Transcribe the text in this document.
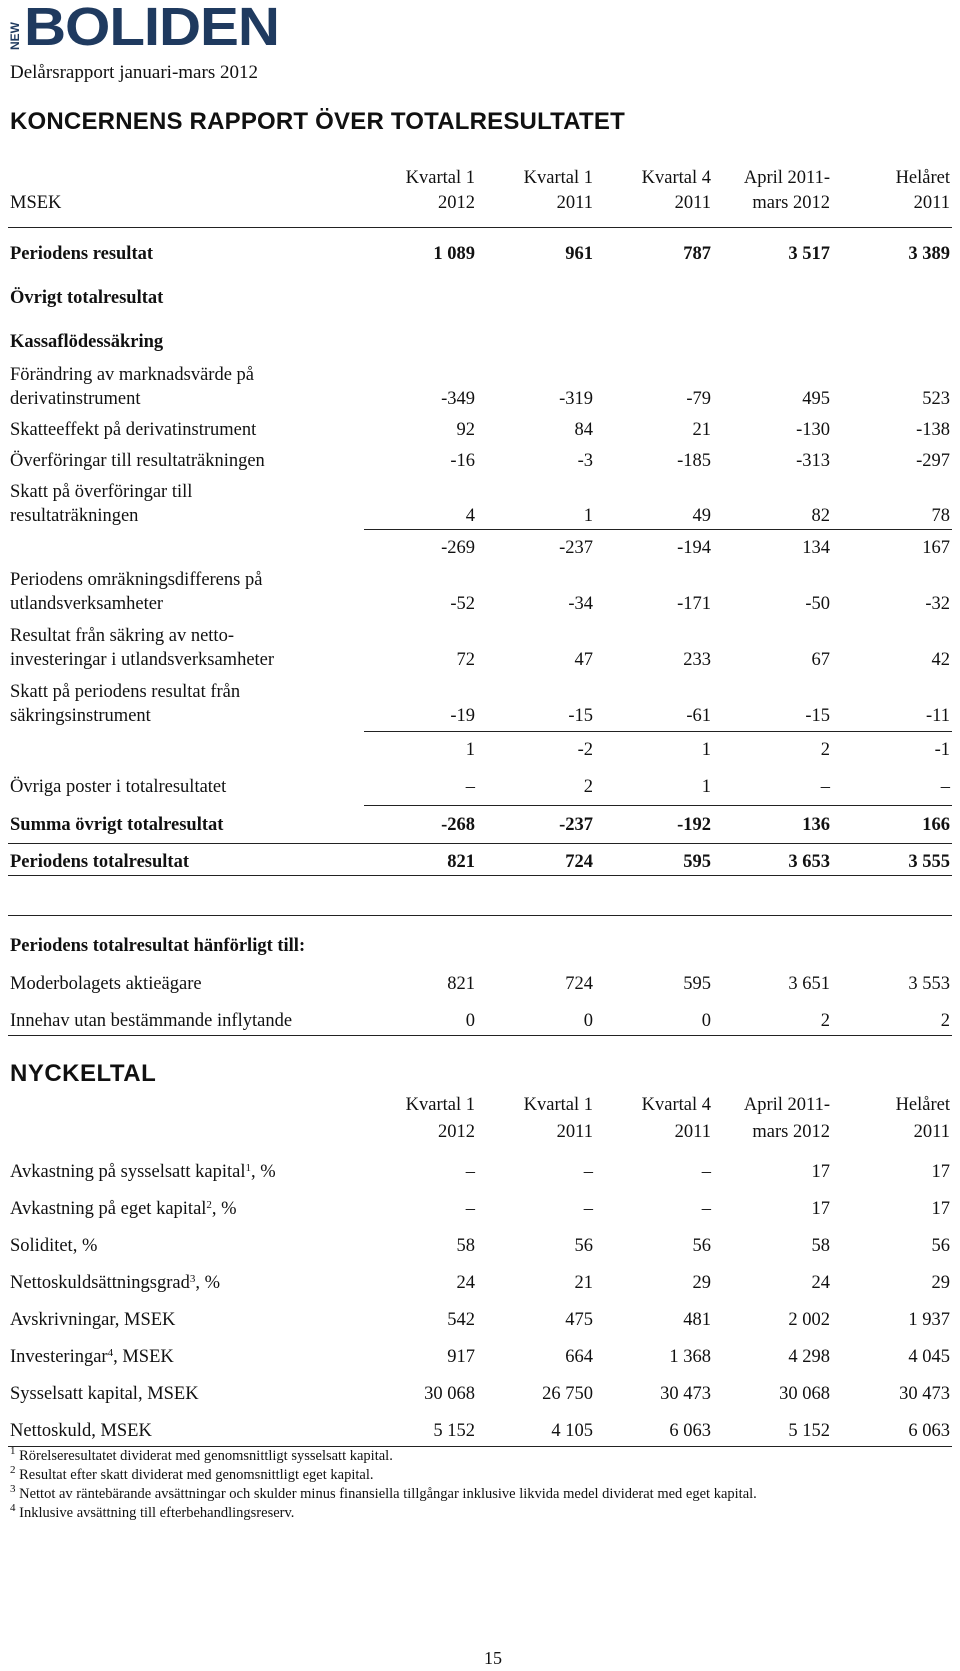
NEW BOLIDEN
Delårsrapport januari-mars 2012
KONCERNENS RAPPORT ÖVER TOTALRESULTATET
Kvartal 1	Kvartal 1	Kvartal 4	April 2011-	Helåret
MSEK	2012	2011	2011	mars 2012	2011
Periodens resultat	1 089	961	787	3 517	3 389
Övrigt totalresultat
Kassaflödessäkring
Förändring av marknadsvärde på
derivatinstrument	-349	-319	-79	495	523
Skatteeffekt på derivatinstrument	92	84	21	-130	-138
Överföringar till resultaträkningen	-16	-3	-185	-313	-297
Skatt på överföringar till
resultaträkningen	4	1	49	82	78
-269	-237	-194	134	167
Periodens omräkningsdifferens på
utlandsverksamheter	-52	-34	-171	-50	-32
Resultat från säkring av netto-
investeringar i utlandsverksamheter	72	47	233	67	42
Skatt på periodens resultat från
säkringsinstrument	-19	-15	-61	-15	-11
1	-2	1	2	-1
Övriga poster i totalresultatet	–	2	1	–	–
Summa övrigt totalresultat	-268	-237	-192	136	166
Periodens totalresultat	821	724	595	3 653	3 555
Periodens totalresultat hänförligt till:
Moderbolagets aktieägare	821	724	595	3 651	3 553
Innehav utan bestämmande inflytande	0	0	0	2	2
NYCKELTAL
Kvartal 1	Kvartal 1	Kvartal 4	April 2011-	Helåret
2012	2011	2011	mars 2012	2011
Avkastning på sysselsatt kapital$^1$, %	–	–	–	17	17
Avkastning på eget kapital$^2$, %	–	–	–	17	17
Soliditet, %	58	56	56	58	56
Nettoskuldsättningsgrad$^3$, %	24	21	29	24	29
Avskrivningar, MSEK	542	475	481	2 002	1 937
Investeringar$^4$, MSEK	917	664	1 368	4 298	4 045
Sysselsatt kapital, MSEK	30 068	26 750	30 473	30 068	30 473
Nettoskuld, MSEK	5 152	4 105	6 063	5 152	6 063
$^1$ Rörelseresultatet dividerat med genomsnittligt sysselsatt kapital.
$^2$ Resultat efter skatt dividerat med genomsnittligt eget kapital.
$^3$ Nettot av räntebärande avsättningar och skulder minus finansiella tillgångar inklusive likvida medel dividerat med eget kapital.
$^4$ Inklusive avsättning till efterbehandlingsreserv.
15
